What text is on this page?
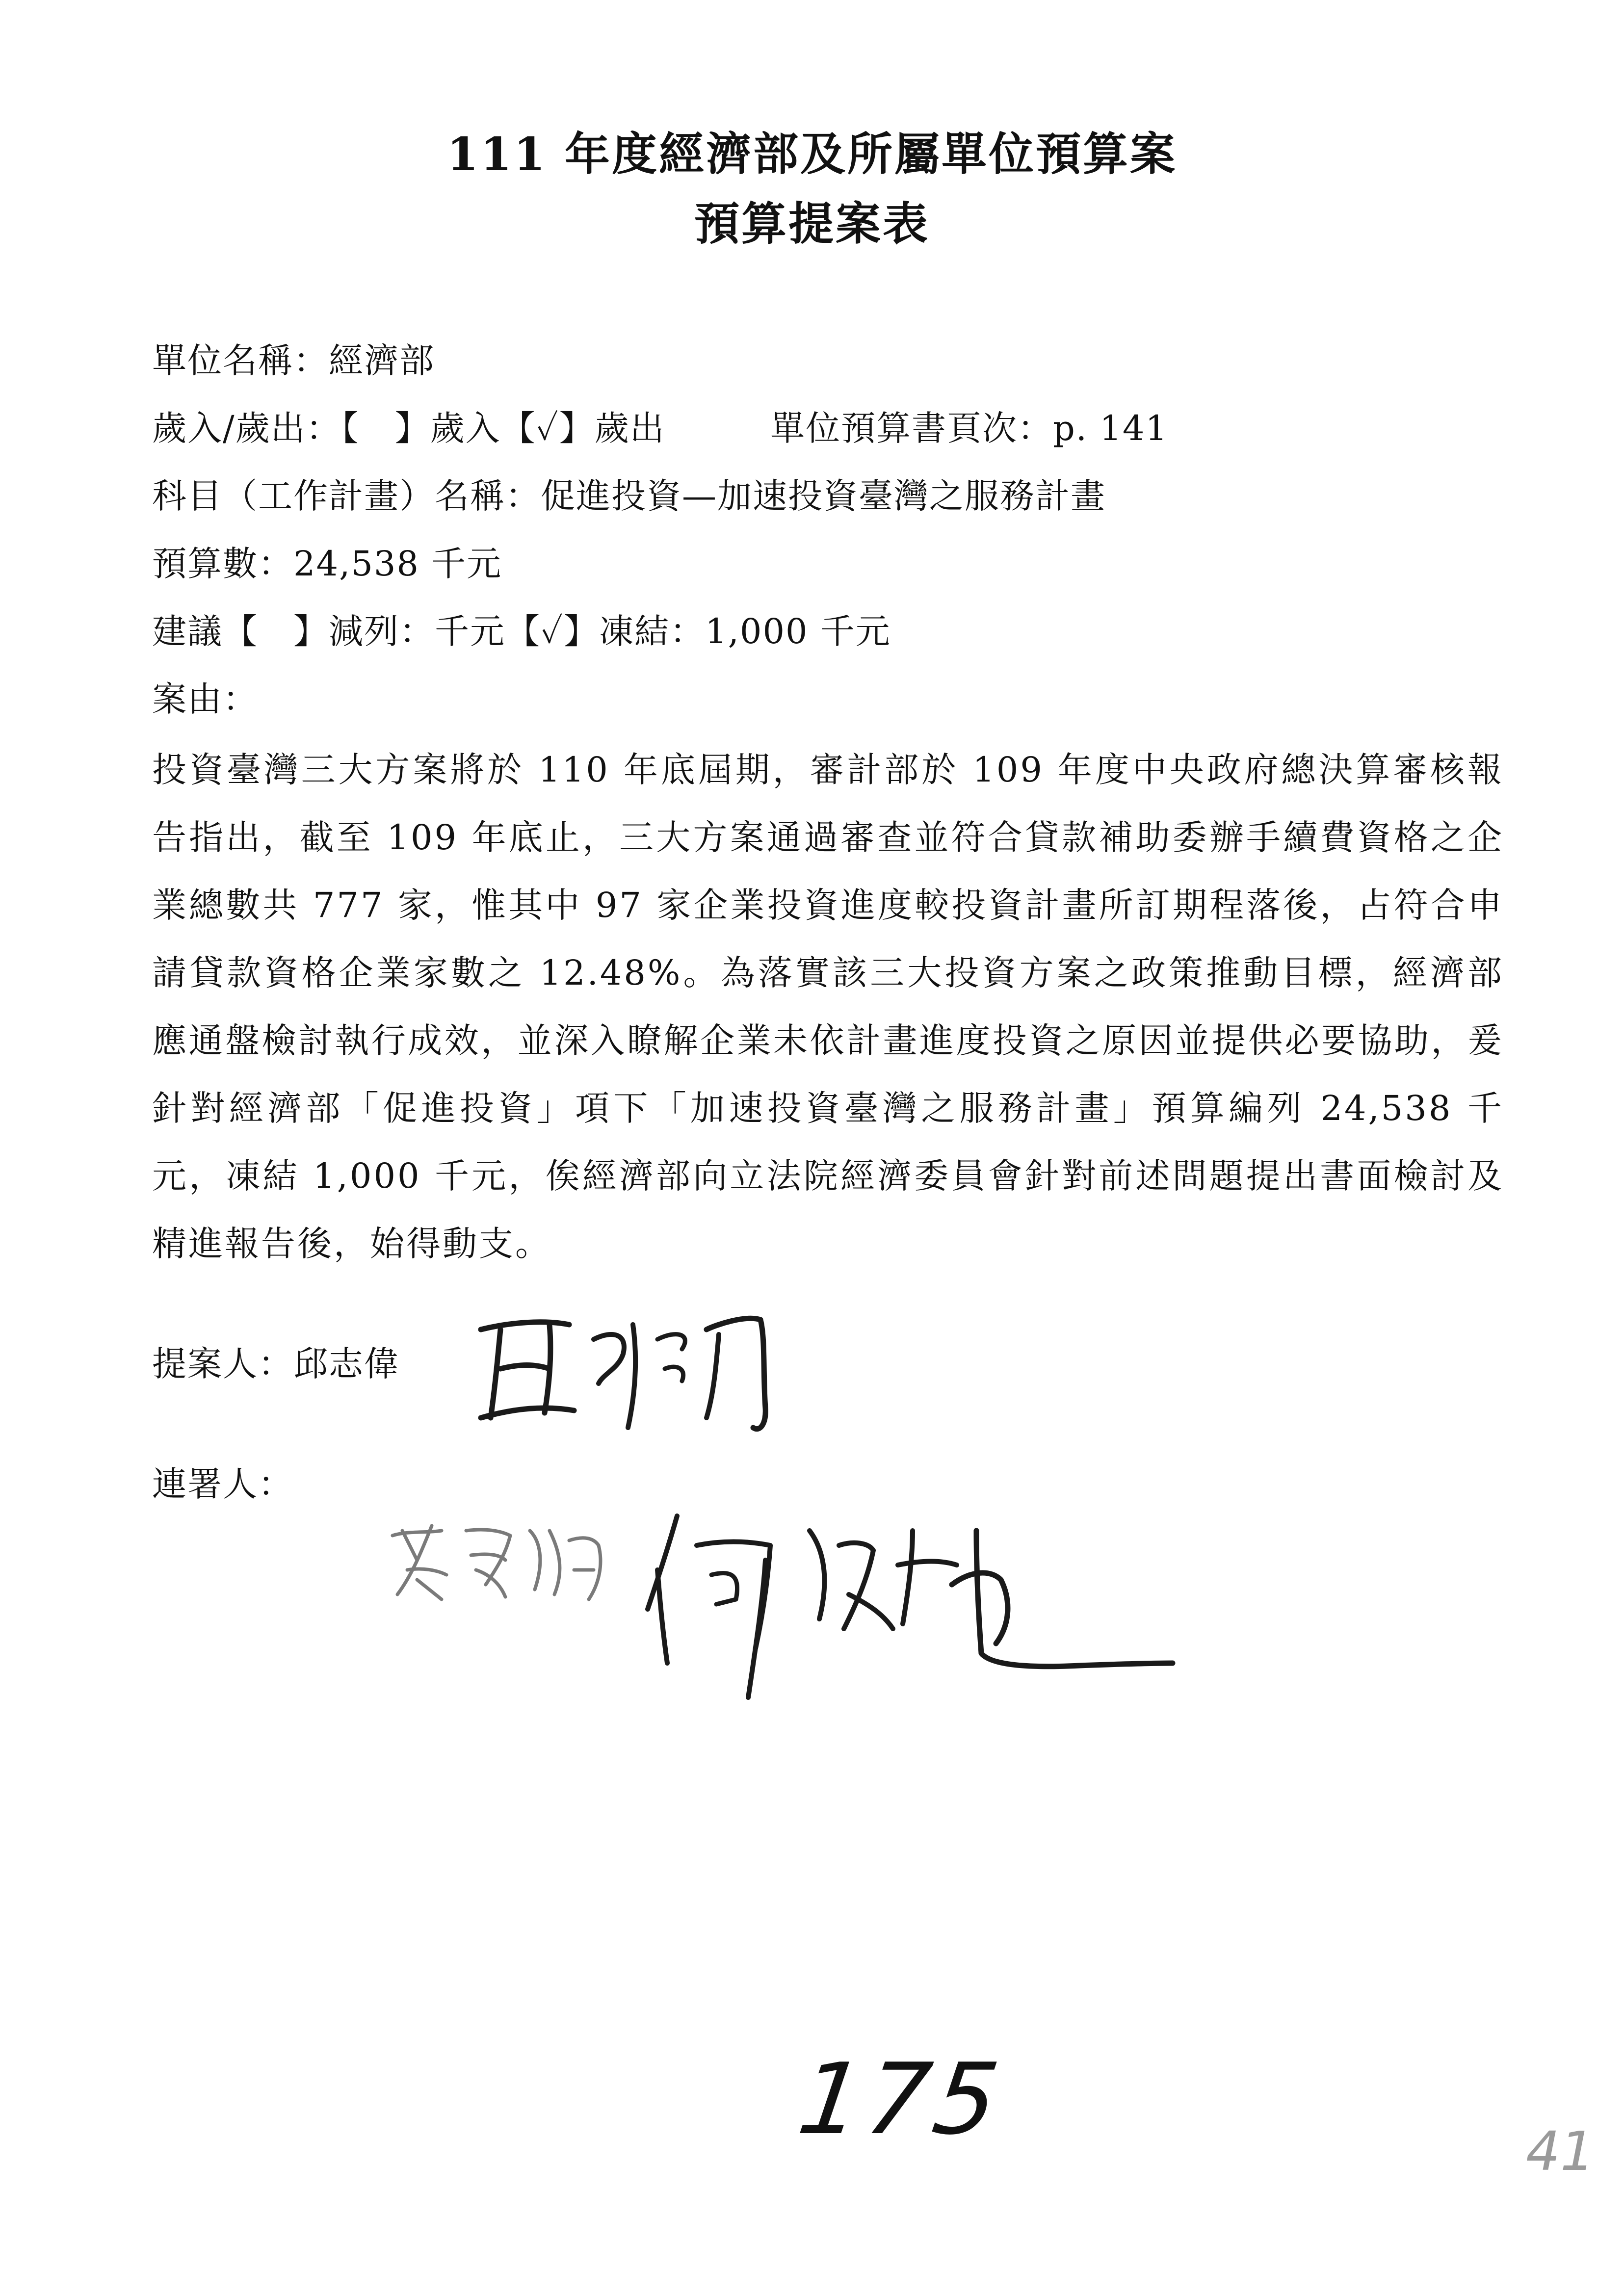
111 年度經濟部及所屬單位預算案
預算提案表
單位名稱：經濟部
歲入/歲出：【　】歲入【✓】歲出	單位預算書頁次：p. 141
科目（工作計畫）名稱：促進投資—加速投資臺灣之服務計畫
預算數：24,538 千元
建議【　】減列：千元【✓】凍結：1,000 千元
案由：
投資臺灣三大方案將於 110 年底屆期，審計部於 109 年度中央政府總決算審核報告指出，截至 109 年底止，三大方案通過審查並符合貸款補助委辦手續費資格之企業總數共 777 家，惟其中 97 家企業投資進度較投資計畫所訂期程落後，占符合申請貸款資格企業家數之 12.48%。為落實該三大投資方案之政策推動目標，經濟部應通盤檢討執行成效，並深入瞭解企業未依計畫進度投資之原因並提供必要協助，爰針對經濟部「促進投資」項下「加速投資臺灣之服務計畫」預算編列 24,538 千元，凍結 1,000 千元，俟經濟部向立法院經濟委員會針對前述問題提出書面檢討及精進報告後，始得動支。
提案人：邱志偉
連署人：
175	41
